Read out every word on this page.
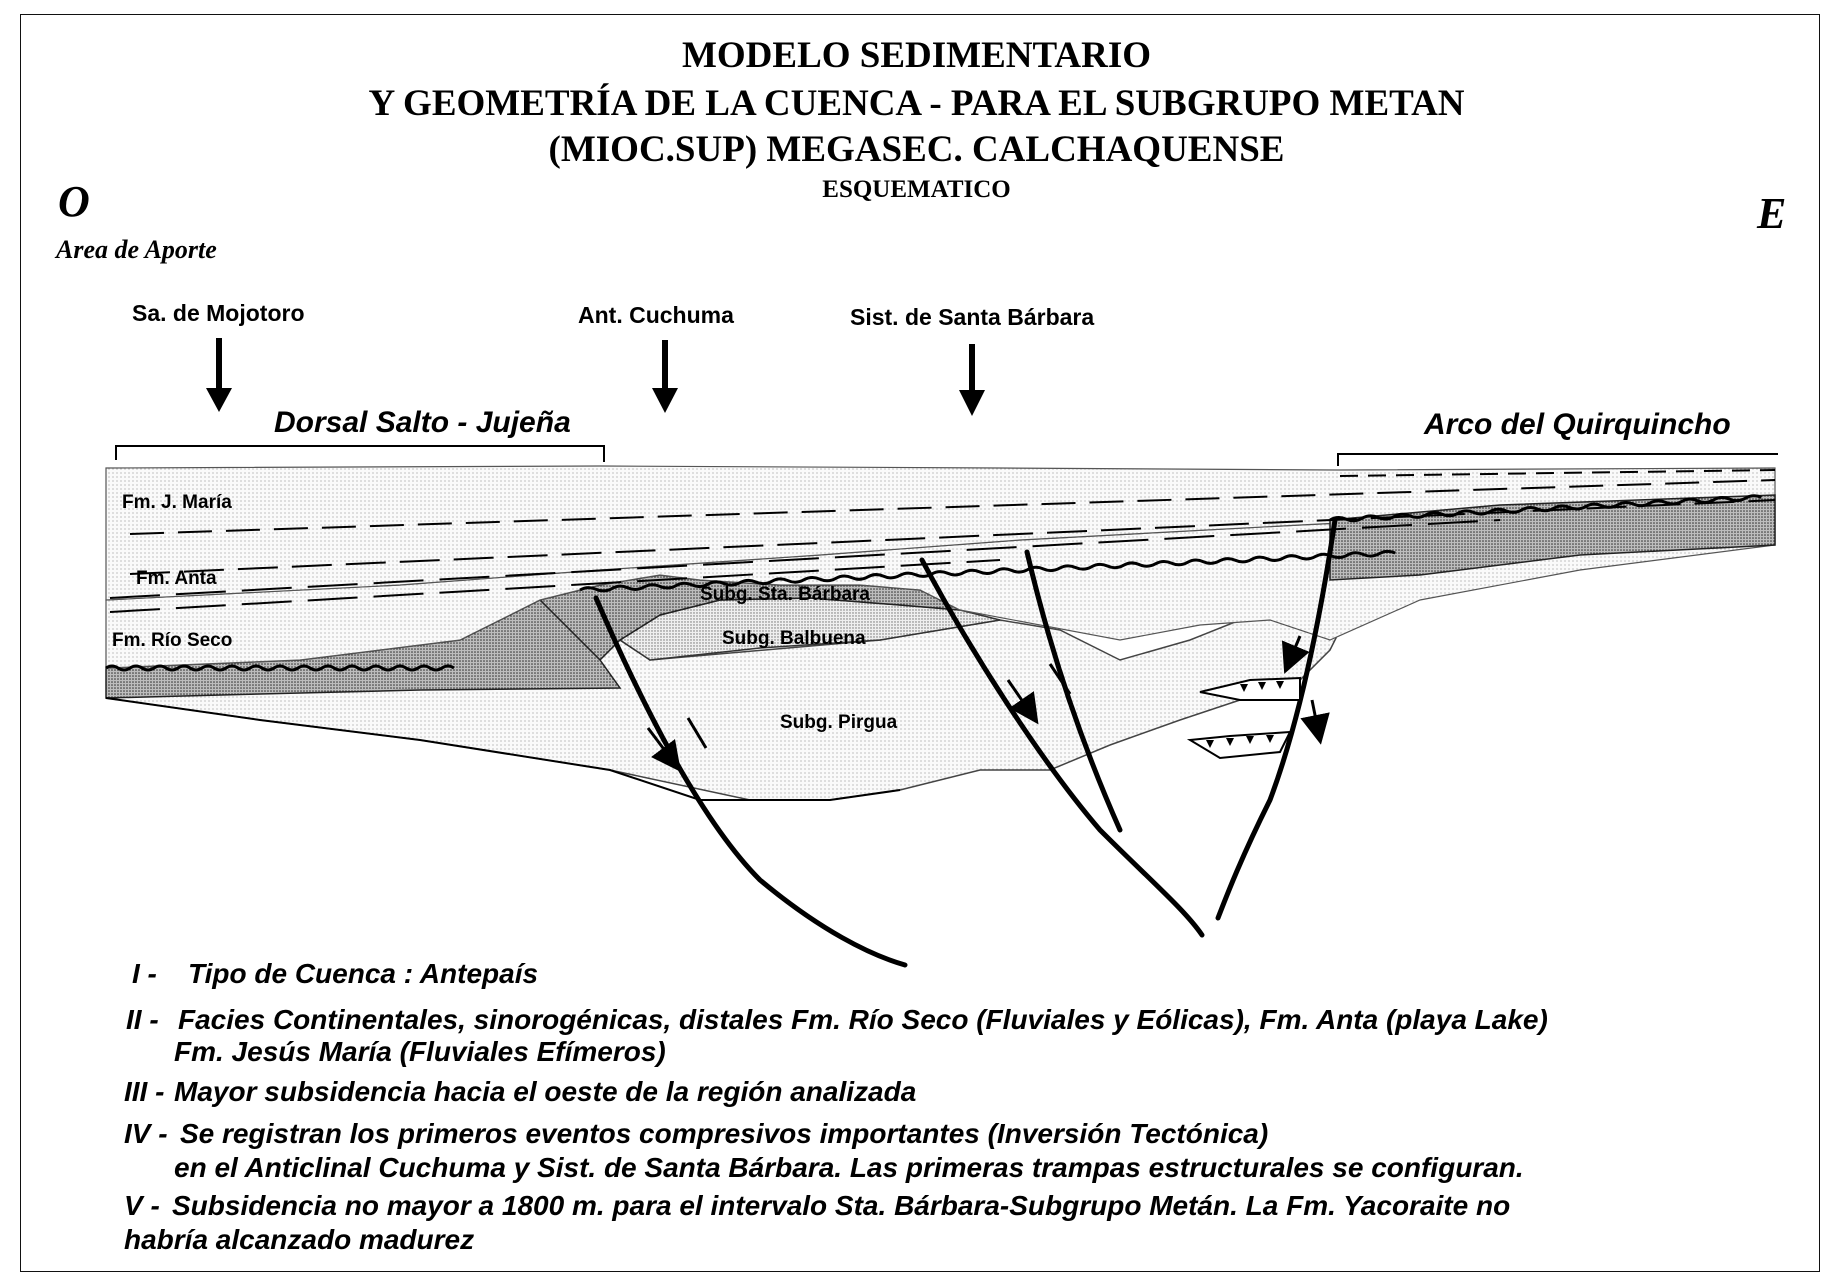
MODELO SEDIMENTARIO
Y GEOMETRÍA DE LA CUENCA - PARA EL SUBGRUPO METAN
(MIOC.SUP) MEGASEC. CALCHAQUENSE
ESQUEMATICO
O	E
Area de Aporte
Sa. de Mojotoro	Ant. Cuchuma	Sist. de Santa Bárbara
Dorsal Salto - Jujeña	Arco del Quirquincho
Fm. J. María
Fm. Anta
Fm. Río Seco
Subg. Sta. Bárbara
Subg. Balbuena
Subg. Pirgua
I - Tipo de Cuenca : Antepaís
II - Facies Continentales, sinorogénicas, distales Fm. Río Seco (Fluviales y Eólicas), Fm. Anta (playa Lake)
Fm. Jesús María (Fluviales Efímeros)
III - Mayor subsidencia hacia el oeste de la región analizada
IV - Se registran los primeros eventos compresivos importantes (Inversión Tectónica)
en el Anticlinal Cuchuma y Sist. de Santa Bárbara. Las primeras trampas estructurales se configuran.
V - Subsidencia no mayor a 1800 m. para el intervalo Sta. Bárbara-Subgrupo Metán. La Fm. Yacoraite no
habría alcanzado madurez
